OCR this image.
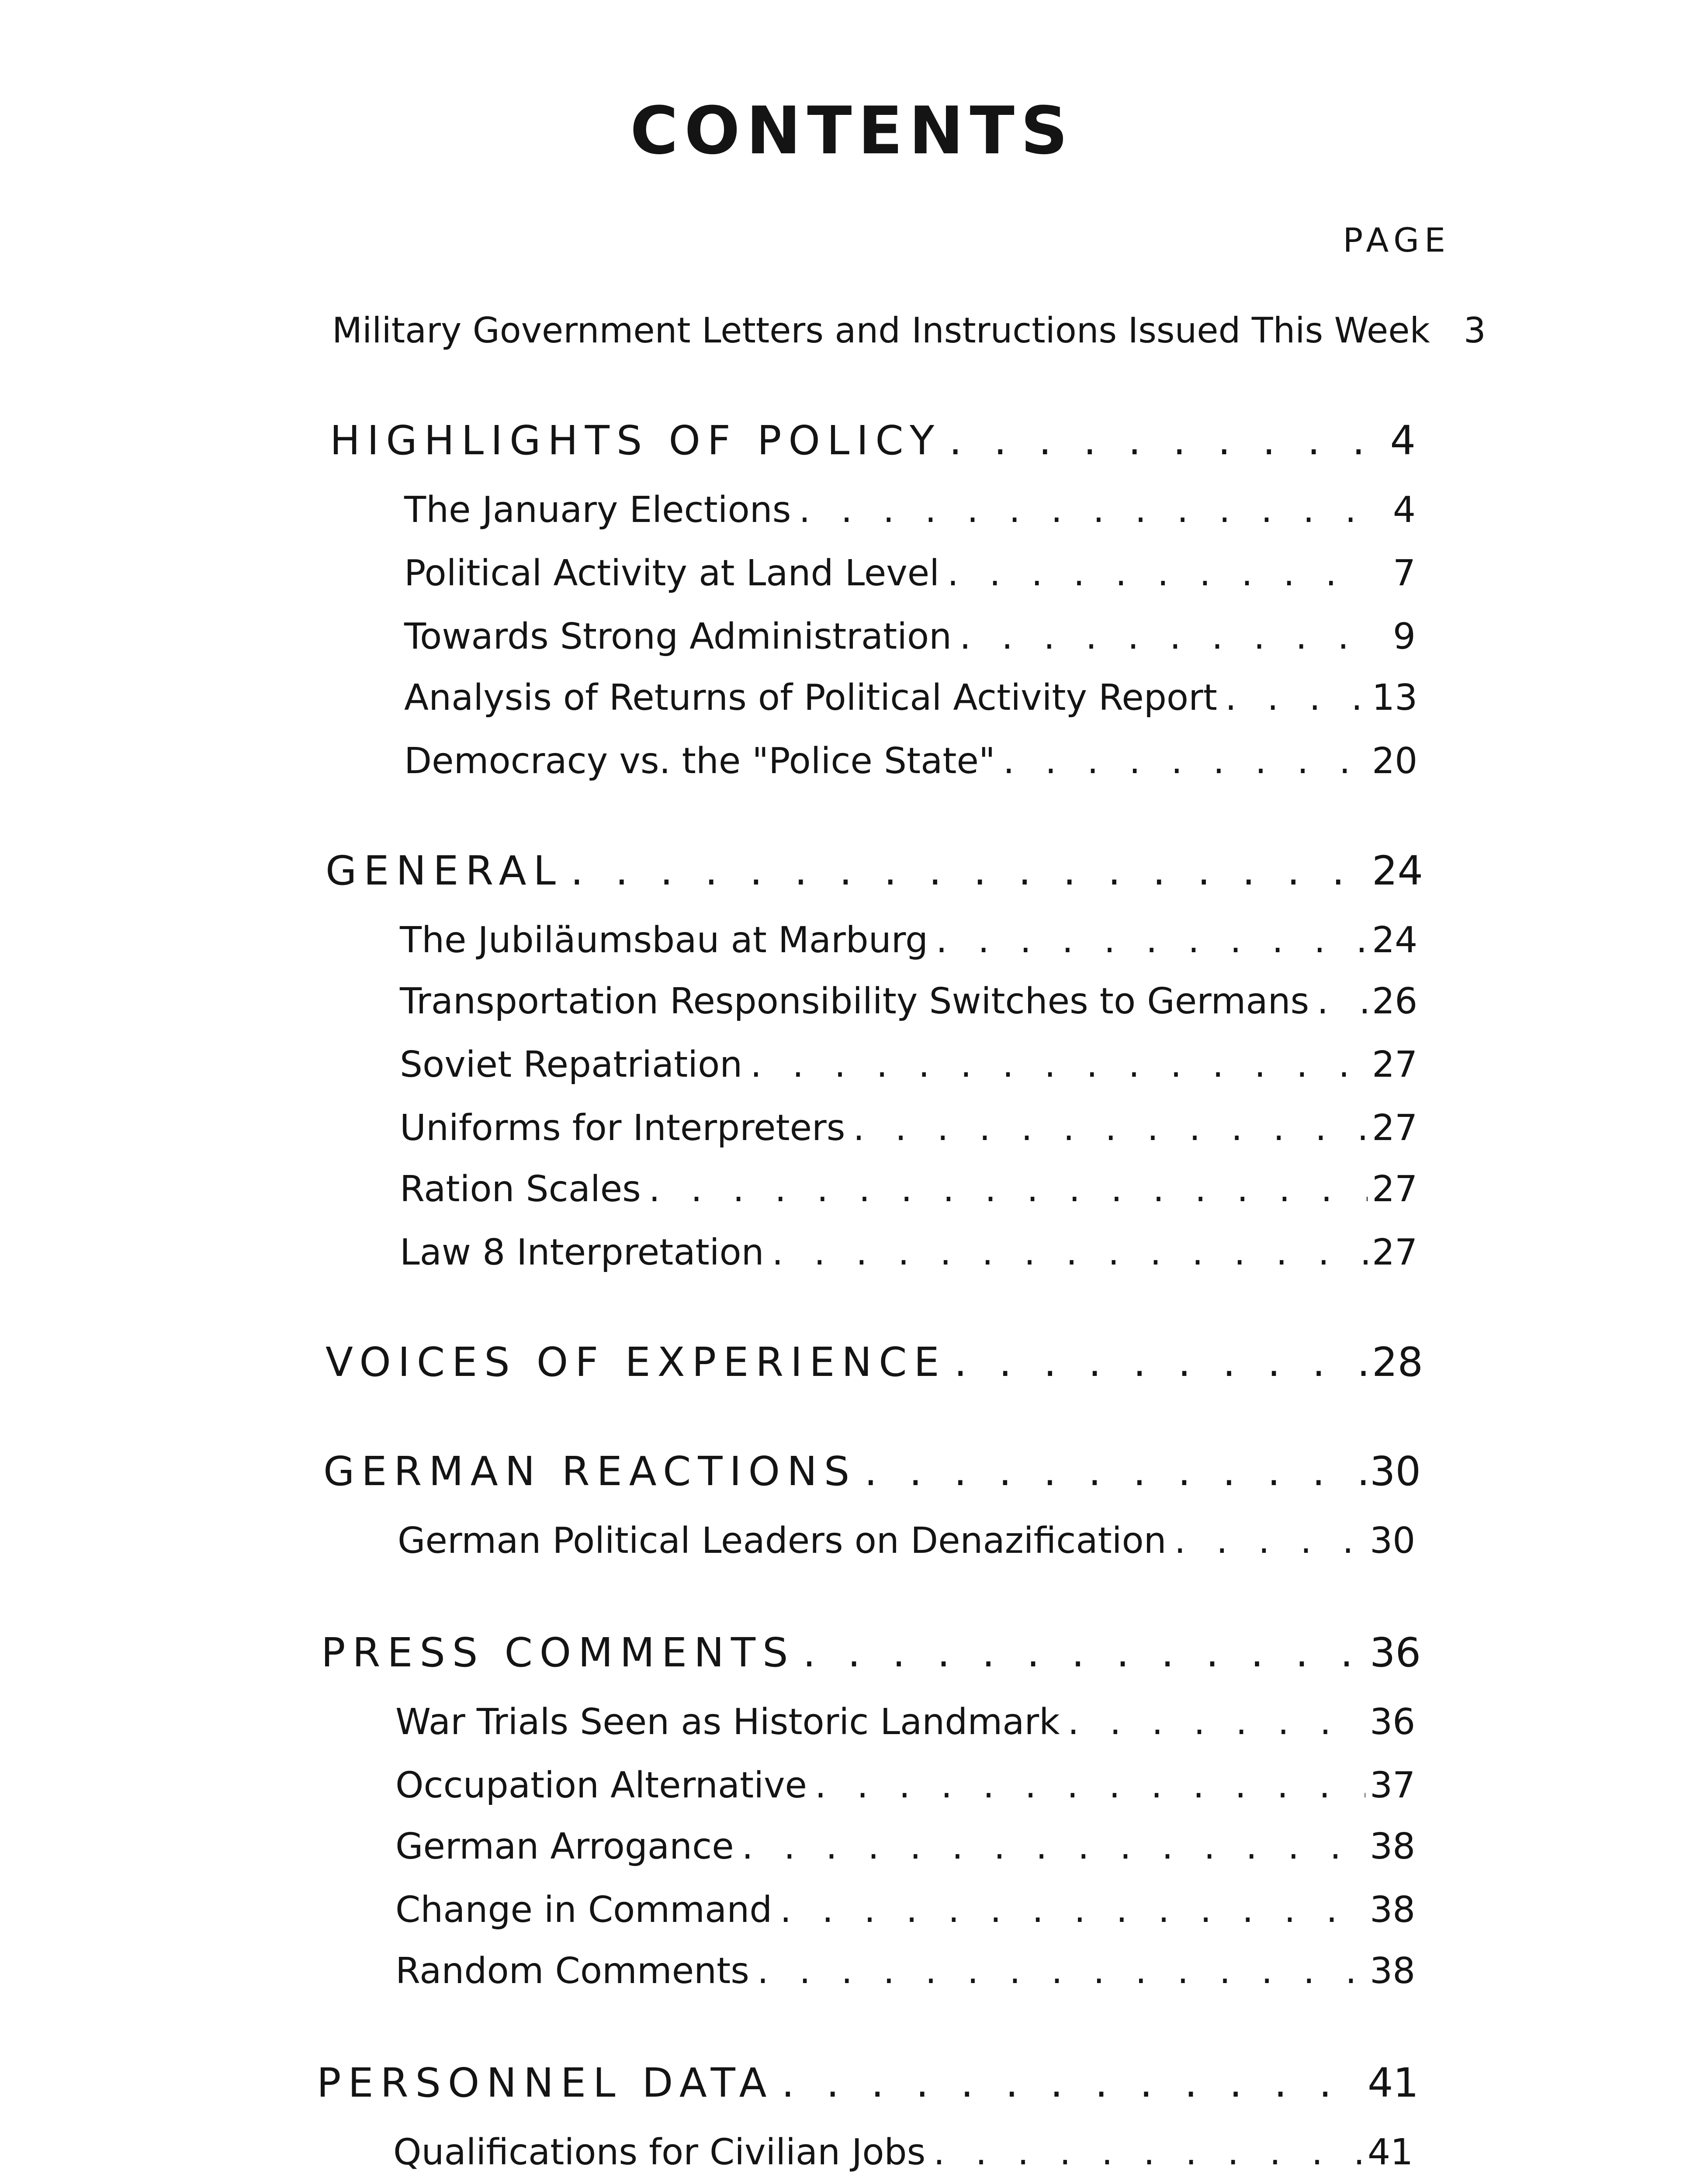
CONTENTS

PAGE

Military Government Letters and Instructions Issued This Week 3
HIGHLIGHTS OF POLICY . . .	4
The January Elections . . .	4
Political Activity at Land Level . . .	7
Towards Strong Administration . . .	9
Analysis of Returns of Political Activity Report . . .	13
Democracy vs. the "Police State" . . .	20
GENERAL . . .	24
The Jubiläumsbau at Marburg . . .	24
Transportation Responsibility Switches to Germans . . . 26
Soviet Repatriation . . .	27
Uniforms for Interpreters . . .	27
Ration Scales . . .	27
Law 8 Interpretation . . .	27
VOICES OF EXPERIENCE . . .	28
GERMAN REACTIONS . . .	30
German Political Leaders on Denazification . . .	30
PRESS COMMENTS . . .	36
War Trials Seen as Historic Landmark . . .	36
Occupation Alternative . . .	37
German Arrogance . . .	38
Change in Command . . .	38
Random Comments . . .	38
PERSONNEL DATA . . .	41
Qualifications for Civilian Jobs . . .	41
